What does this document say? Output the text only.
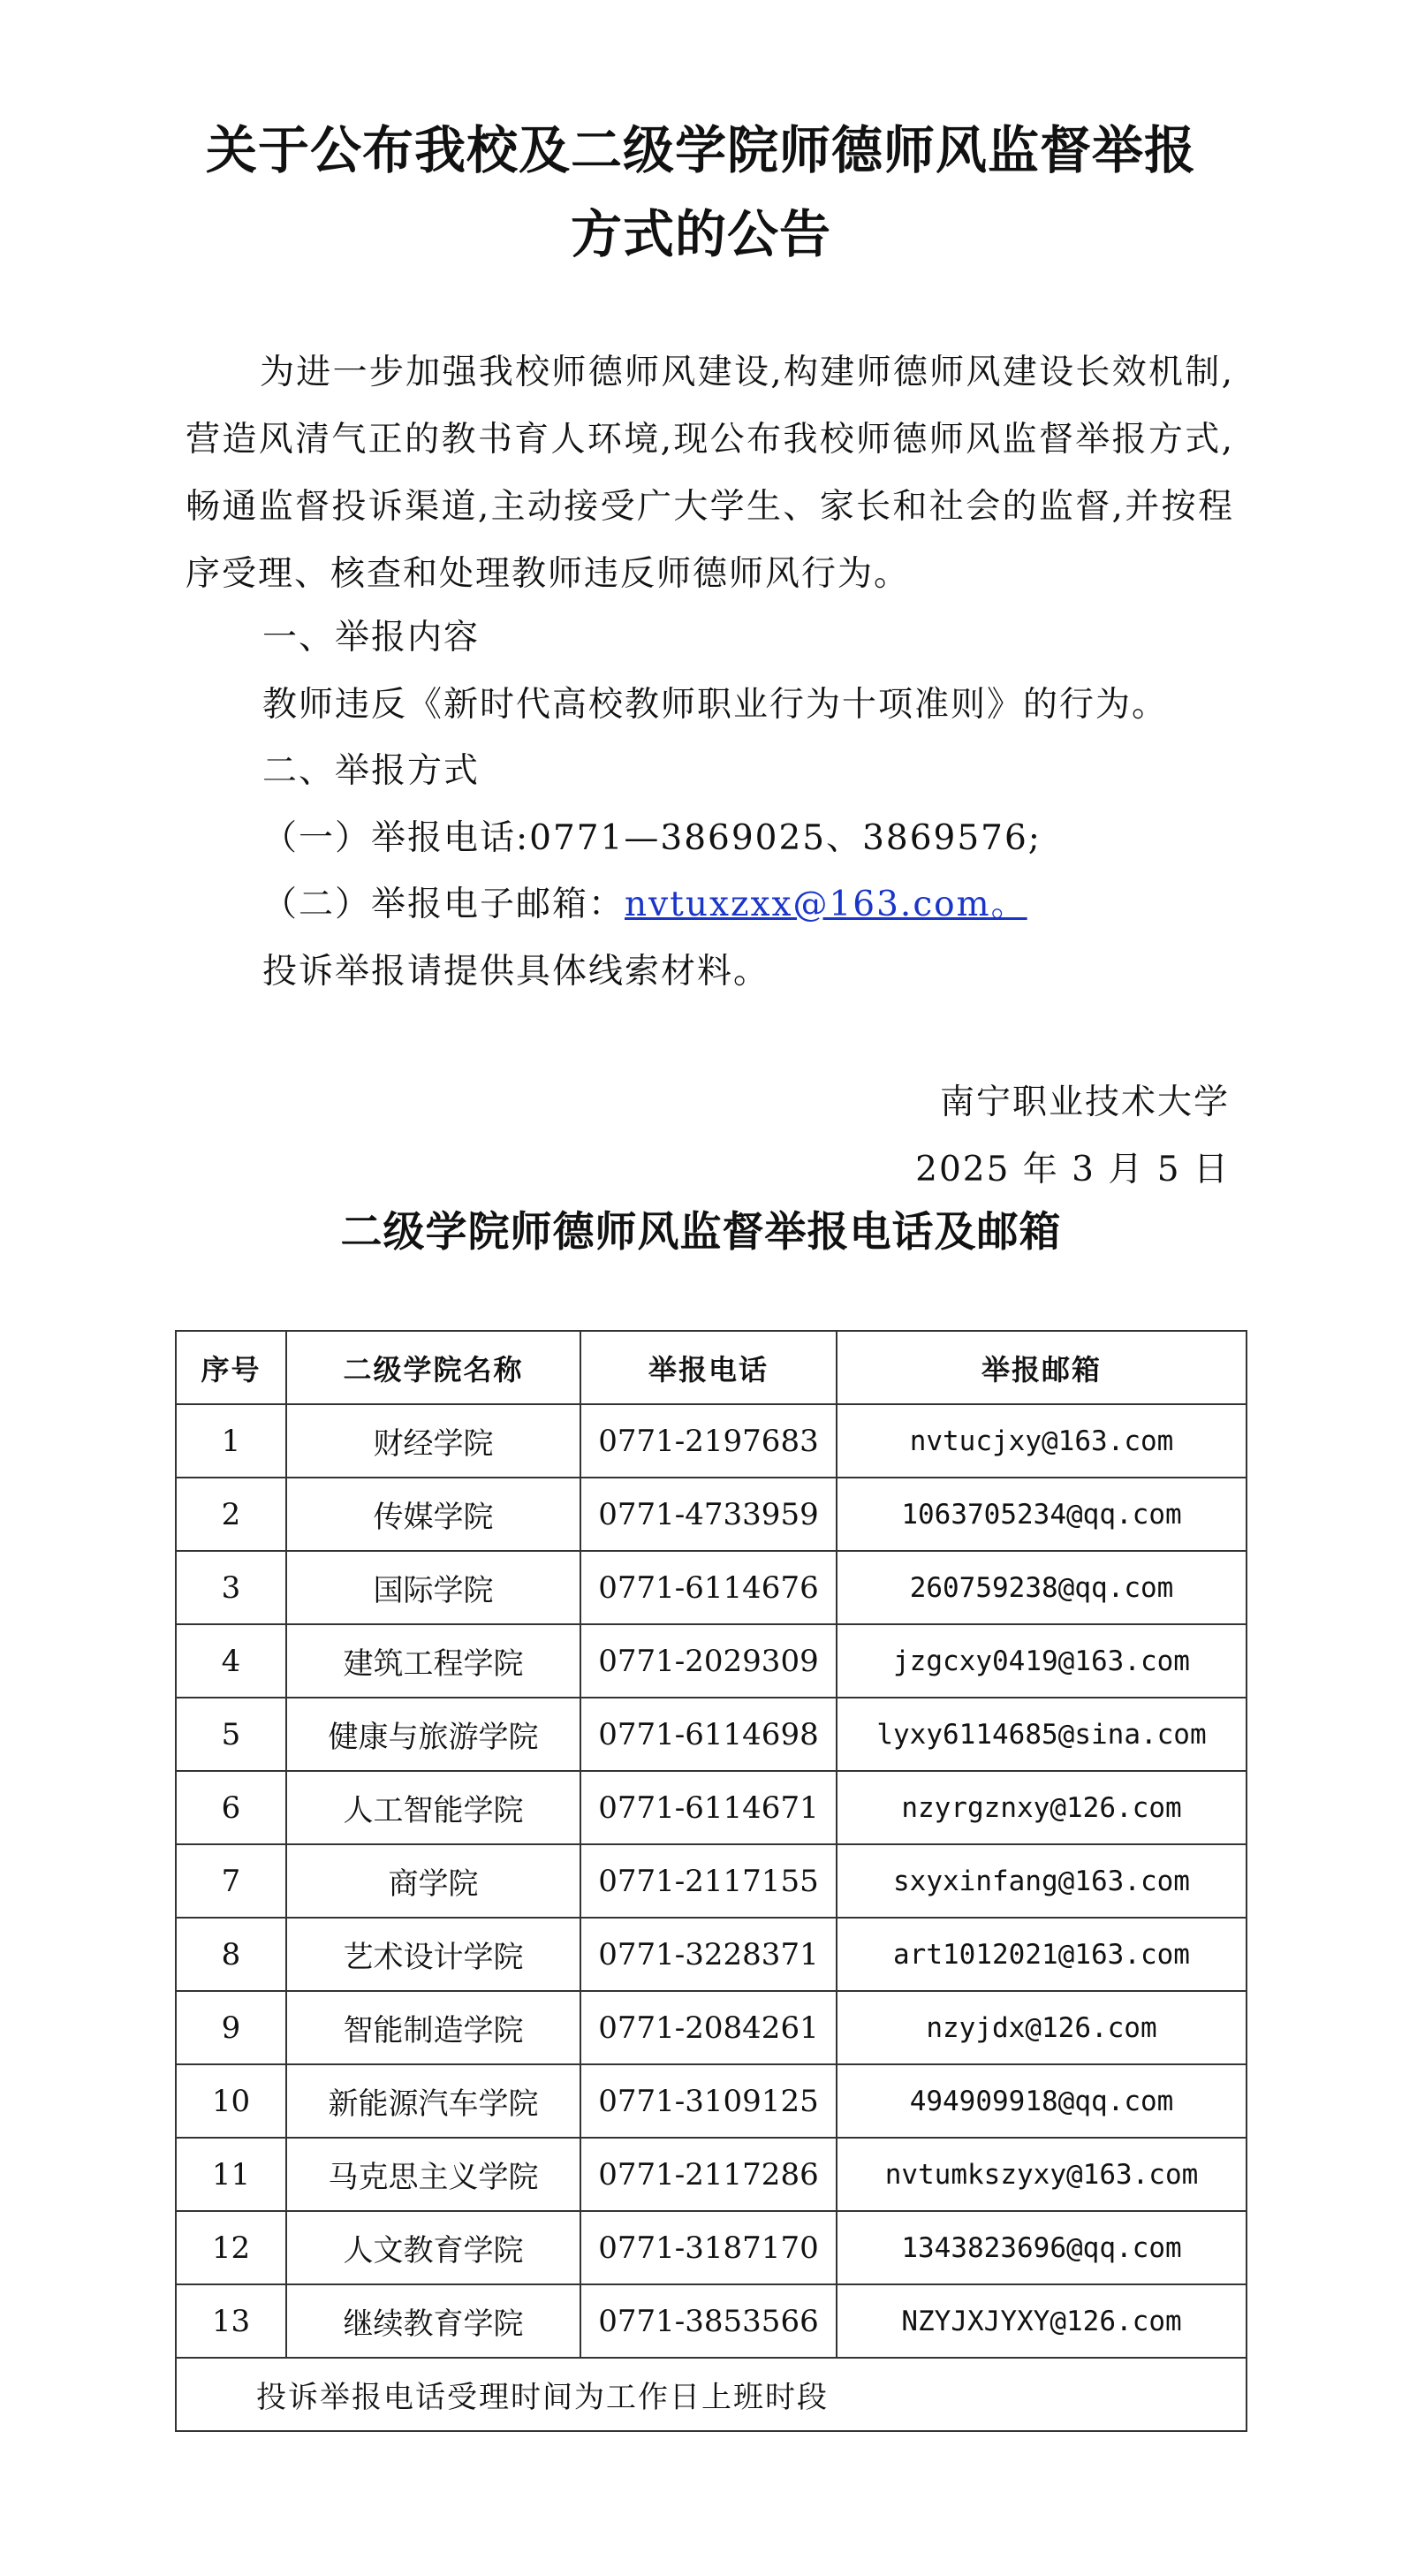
关于公布我校及二级学院师德师风监督举报
方式的公告
为进一步加强我校师德师风建设,构建师德师风建设长效机制,营造风清气正的教书育人环境,现公布我校师德师风监督举报方式,畅通监督投诉渠道,主动接受广大学生、家长和社会的监督,并按程序受理、核查和处理教师违反师德师风行为。
一、举报内容
教师违反《新时代高校教师职业行为十项准则》的行为。
二、举报方式
（一）举报电话:0771—3869025、3869576;
（二）举报电子邮箱：nvtuxzxx@163.com。
投诉举报请提供具体线索材料。
南宁职业技术大学
2025 年 3 月 5 日
二级学院师德师风监督举报电话及邮箱
序号	二级学院名称	举报电话	举报邮箱
1	财经学院	0771-2197683	nvtucjxy@163.com
2	传媒学院	0771-4733959	1063705234@qq.com
3	国际学院	0771-6114676	260759238@qq.com
4	建筑工程学院	0771-2029309	jzgcxy0419@163.com
5	健康与旅游学院	0771-6114698	lyxy6114685@sina.com
6	人工智能学院	0771-6114671	nzyrgznxy@126.com
7	商学院	0771-2117155	sxyxinfang@163.com
8	艺术设计学院	0771-3228371	art1012021@163.com
9	智能制造学院	0771-2084261	nzyjdx@126.com
10	新能源汽车学院	0771-3109125	494909918@qq.com
11	马克思主义学院	0771-2117286	nvtumkszyxy@163.com
12	人文教育学院	0771-3187170	1343823696@qq.com
13	继续教育学院	0771-3853566	NZYJXJYXY@126.com
投诉举报电话受理时间为工作日上班时段			
